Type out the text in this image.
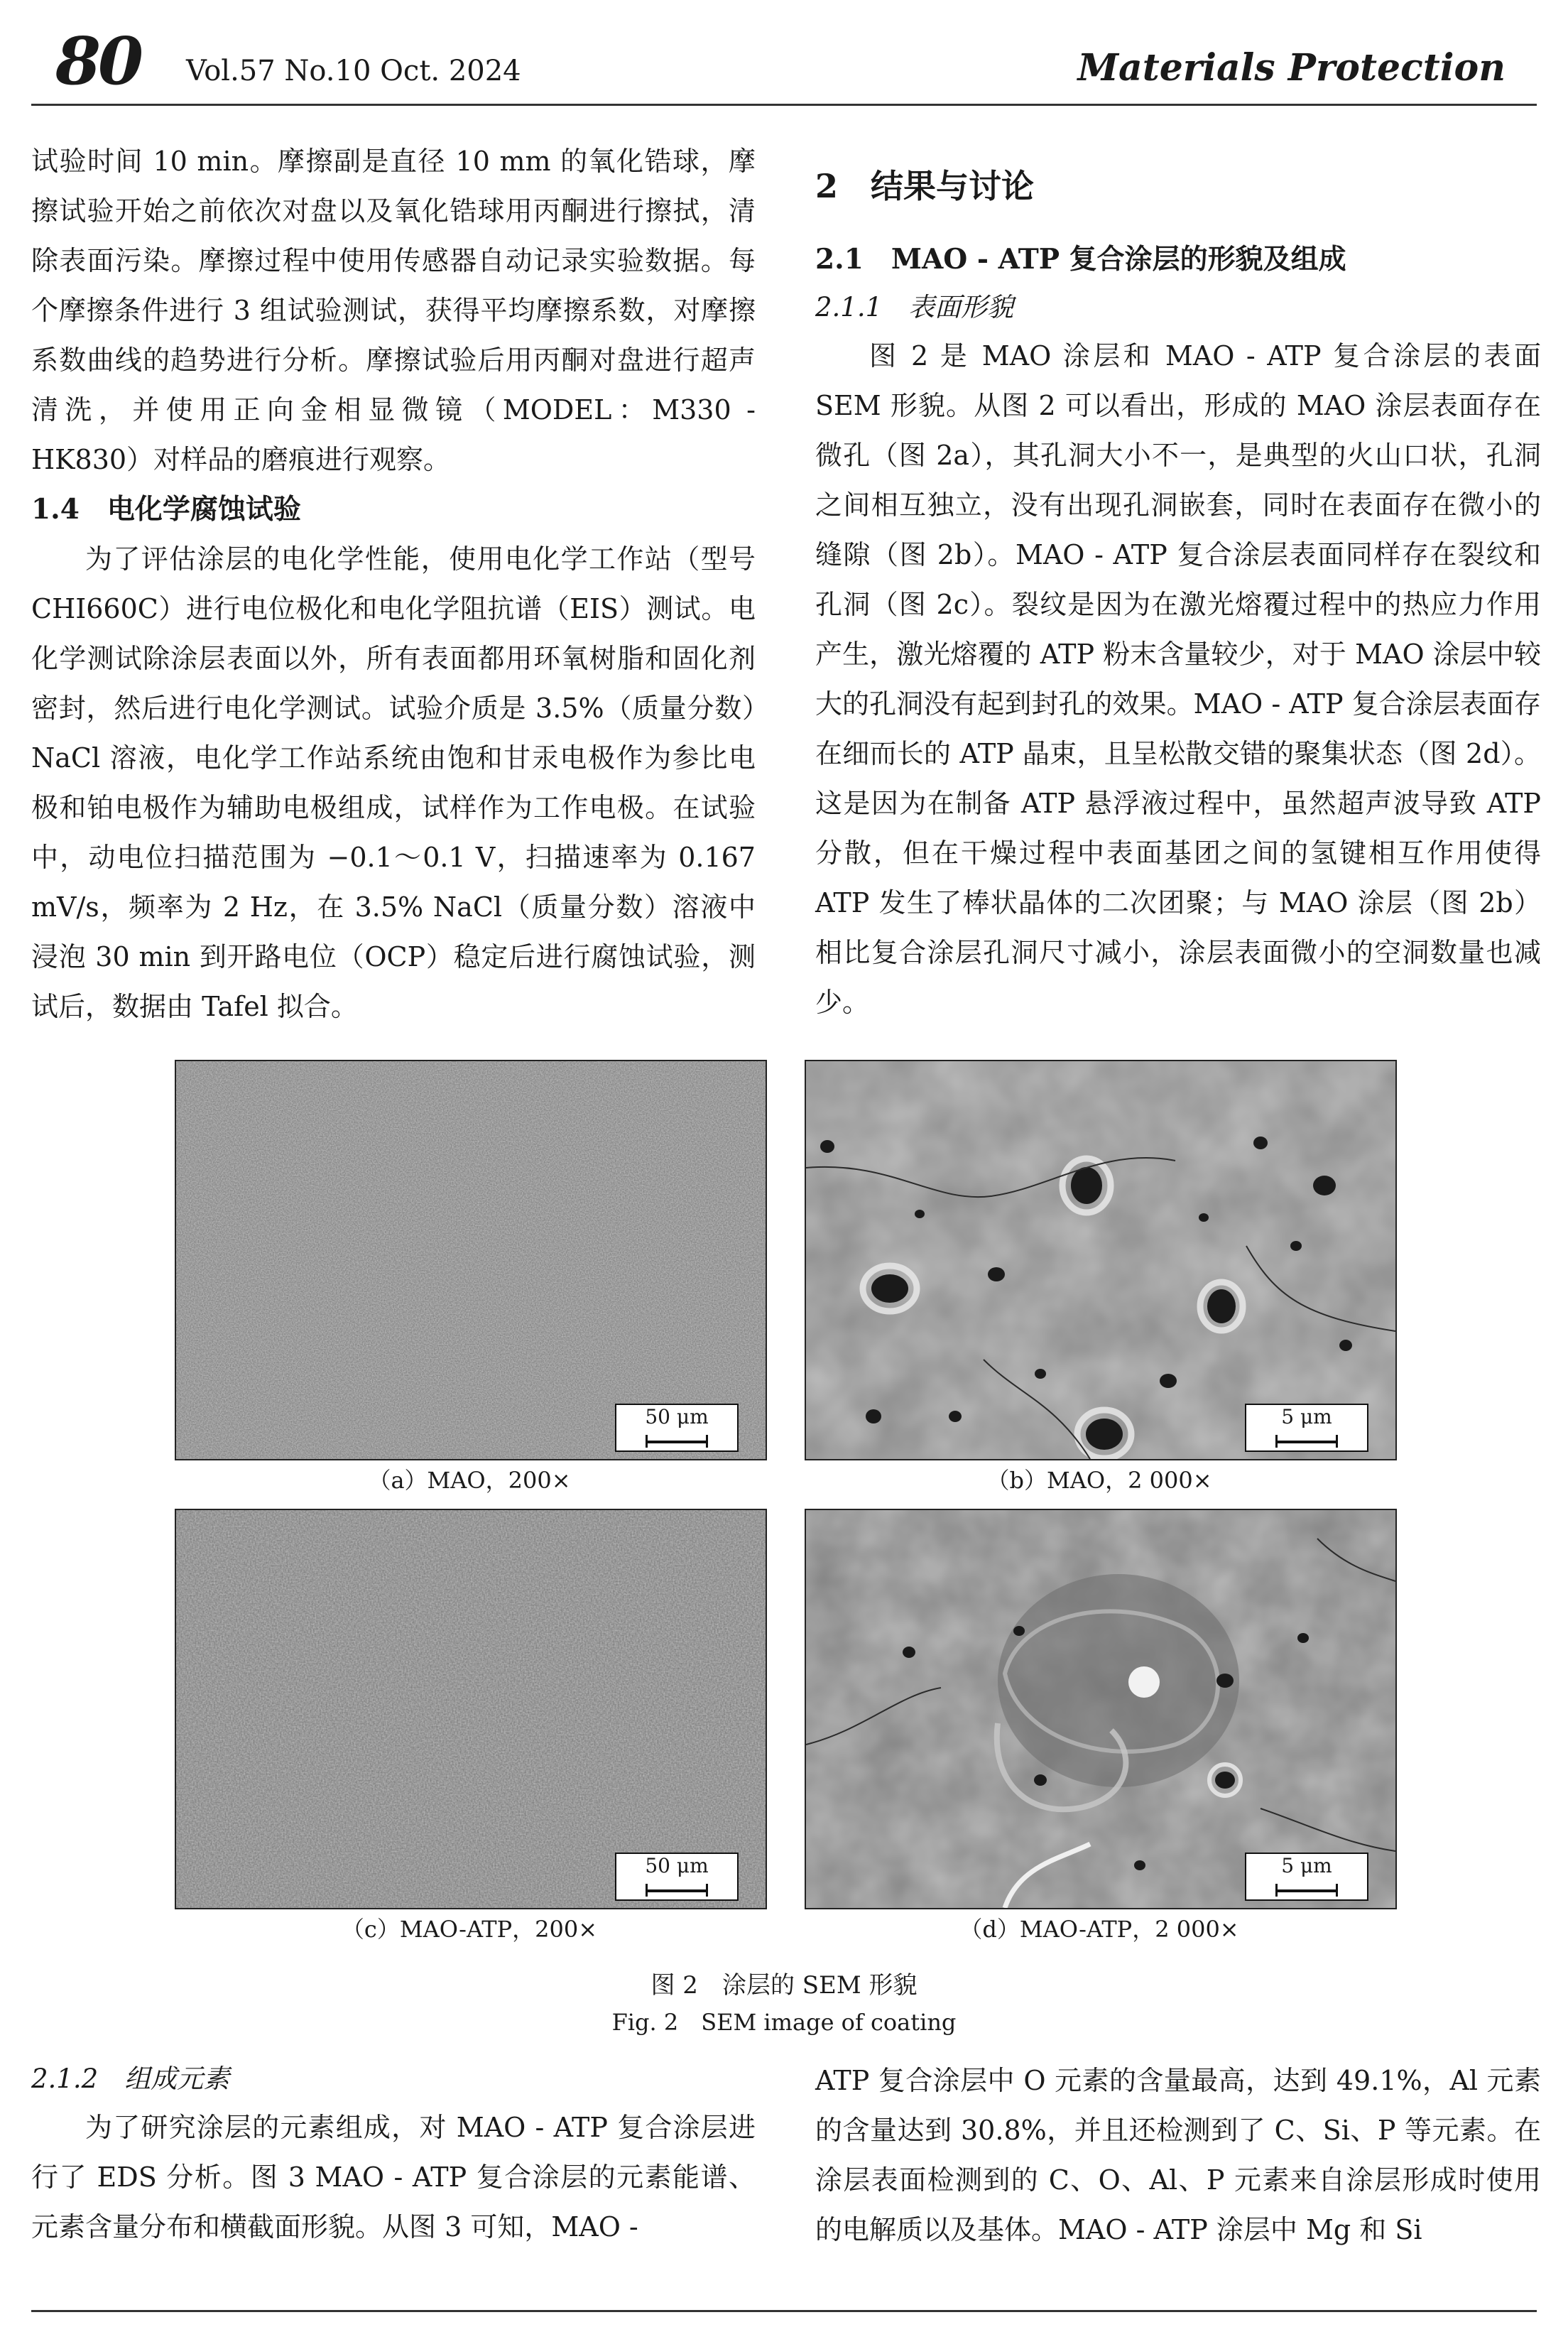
80 Vol.57 No.10 Oct. 2024	Materials Protection

试验时间 10 min。摩擦副是直径 10 mm 的氧化锆球，摩擦试验开始之前依次对盘以及氧化锆球用丙酮进行擦拭，清除表面污染。摩擦过程中使用传感器自动记录实验数据。每个摩擦条件进行 3 组试验测试，获得平均摩擦系数，对摩擦系数曲线的趋势进行分析。摩擦试验后用丙酮对盘进行超声清洗，并使用正向金相显微镜（MODEL：M330 - HK830）对样品的磨痕进行观察。

1.4　电化学腐蚀试验

为了评估涂层的电化学性能，使用电化学工作站（型号 CHI660C）进行电位极化和电化学阻抗谱（EIS）测试。电化学测试除涂层表面以外，所有表面都用环氧树脂和固化剂密封，然后进行电化学测试。试验介质是 3.5%（质量分数）NaCl 溶液，电化学工作站系统由饱和甘汞电极作为参比电极和铂电极作为辅助电极组成，试样作为工作电极。在试验中，动电位扫描范围为 −0.1～0.1 V，扫描速率为 0.167 mV/s，频率为 2 Hz，在 3.5% NaCl（质量分数）溶液中浸泡 30 min 到开路电位（OCP）稳定后进行腐蚀试验，测试后，数据由 Tafel 拟合。

2　结果与讨论
2.1　MAO - ATP 复合涂层的形貌及组成
2.1.1　表面形貌

图 2 是 MAO 涂层和 MAO - ATP 复合涂层的表面 SEM 形貌。从图 2 可以看出，形成的 MAO 涂层表面存在微孔（图 2a），其孔洞大小不一，是典型的火山口状，孔洞之间相互独立，没有出现孔洞嵌套，同时在表面存在微小的缝隙（图 2b）。MAO - ATP 复合涂层表面同样存在裂纹和孔洞（图 2c）。裂纹是因为在激光熔覆过程中的热应力作用产生，激光熔覆的 ATP 粉末含量较少，对于 MAO 涂层中较大的孔洞没有起到封孔的效果。MAO - ATP 复合涂层表面存在细而长的 ATP 晶束，且呈松散交错的聚集状态（图 2d）。这是因为在制备 ATP 悬浮液过程中，虽然超声波导致 ATP 分散，但在干燥过程中表面基团之间的氢键相互作用使得 ATP 发生了棒状晶体的二次团聚；与 MAO 涂层（图 2b）相比复合涂层孔洞尺寸减小，涂层表面微小的空洞数量也减少。

50 μm
（a）MAO，200×
5 μm
（b）MAO，2 000×
50 μm
（c）MAO-ATP，200×
5 μm
（d）MAO-ATP，2 000×
图 2　涂层的 SEM 形貌
Fig. 2　SEM image of coating
2.1.2　组成元素

为了研究涂层的元素组成，对 MAO - ATP 复合涂层进行了 EDS 分析。图 3 MAO - ATP 复合涂层的元素能谱、元素含量分布和横截面形貌。从图 3 可知，MAO -

ATP 复合涂层中 O 元素的含量最高，达到 49.1%，Al 元素的含量达到 30.8%，并且还检测到了 C、Si、P 等元素。在涂层表面检测到的 C、O、Al、P 元素来自涂层形成时使用的电解质以及基体。MAO - ATP 涂层中 Mg 和 Si
